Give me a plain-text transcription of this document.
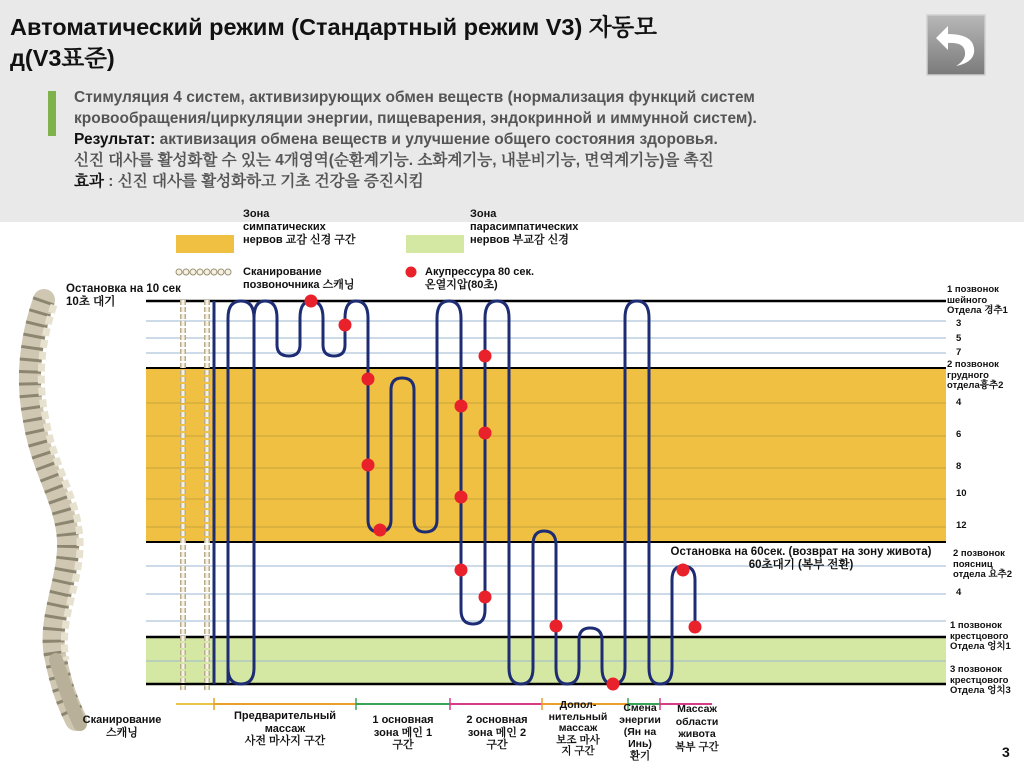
Автоматический режим (Стандартный режим V3) 자동모
д(V3표준)
Стимуляция 4 систем, активизирующих обмен веществ (нормализация функций систем
кровообращения/циркуляции энергии, пищеварения, эндокринной и иммунной систем).
Результат: активизация обмена веществ и улучшение общего состояния здоровья.
신진 대사를 활성화할 수 있는 4개영역(순환계기능. 소화계기능, 내분비기능, 면역계기능)을 촉진
효과 : 신진 대사를 활성화하고 기초 건강을 증진시킴
Зона
симпатических
нервов 교감 신경 구간
Зона
парасимпатических
нервов 부교감 신경
Сканирование
позвоночника 스캐닝
Акупрессура 80 сек.
온열지압(80초)
Остановка на 10 сек
10초 대기
Остановка на 60сек. (возврат на зону живота)
60초대기 (복부 전환)
1 позвонок
шейного
Отдела 경추1
3
5
7
2 позвонок
грудного
отдела흉추2
4
6
8
10
12
2 позвонок
поясниц
отдела 요추2
4
1 позвонок
крестцового
Отдела 엉치1
3 позвонок
крестцового
Отдела 엉치3
Сканирование
스캐닝
Предварительный
массаж
사전 마사지 구간
1 основная
зона 메인 1
구간
2 основная
зона 메인 2
구간
Допол-
нительный
массаж
보조 마사
지 구간
Смена
энергии
(Ян на
Инь)
환기
Массаж
области
живота
복부 구간	3
